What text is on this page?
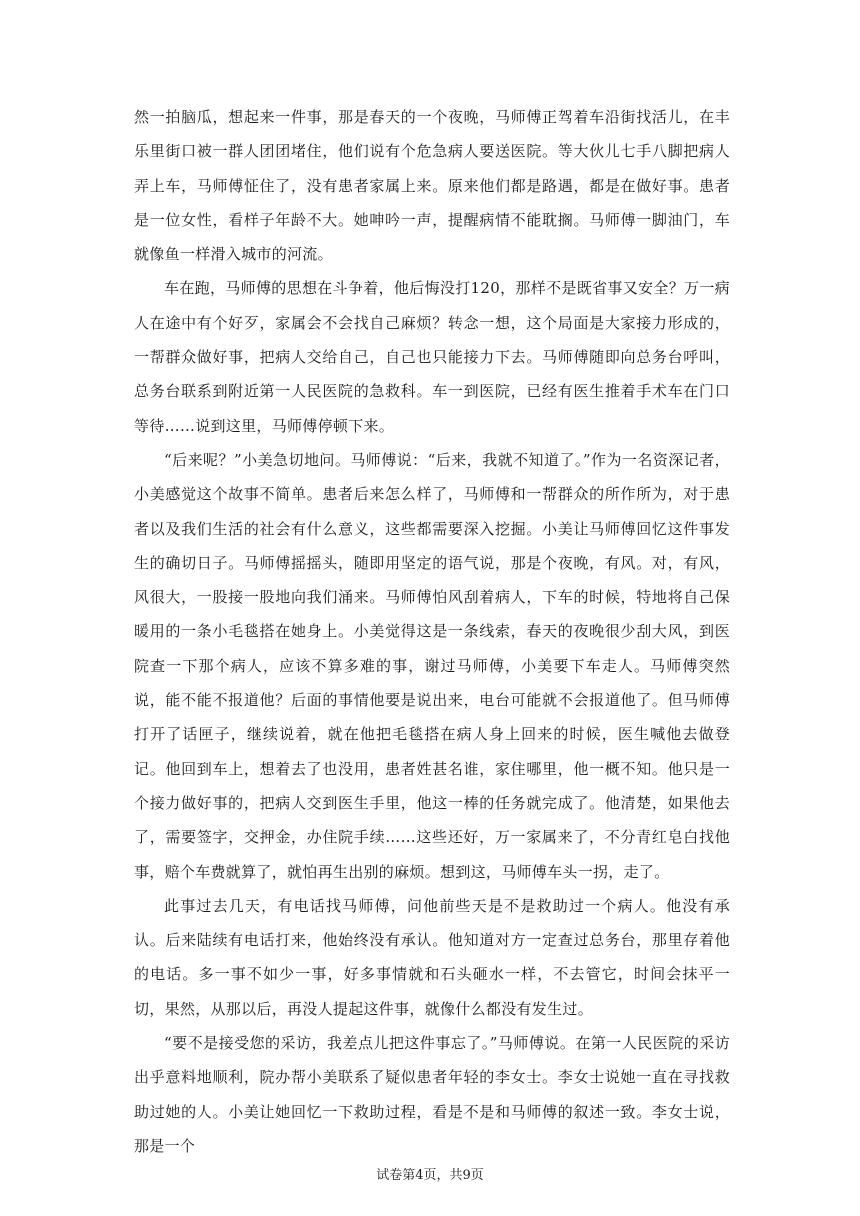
然一拍脑瓜，想起来一件事，那是春天的一个夜晚，马师傅正驾着车沿街找活儿，在丰乐里街口被一群人团团堵住，他们说有个危急病人要送医院。等大伙儿七手八脚把病人弄上车，马师傅怔住了，没有患者家属上来。原来他们都是路遇，都是在做好事。患者是一位女性，看样子年龄不大。她呻吟一声，提醒病情不能耽搁。马师傅一脚油门，车就像鱼一样滑入城市的河流。

车在跑，马师傅的思想在斗争着，他后悔没打120，那样不是既省事又安全？万一病人在途中有个好歹，家属会不会找自己麻烦？转念一想，这个局面是大家接力形成的，一帮群众做好事，把病人交给自己，自己也只能接力下去。马师傅随即向总务台呼叫，总务台联系到附近第一人民医院的急救科。车一到医院，已经有医生推着手术车在门口等待……说到这里，马师傅停顿下来。

“后来呢？”小美急切地问。马师傅说：“后来，我就不知道了。”作为一名资深记者，小美感觉这个故事不简单。患者后来怎么样了，马师傅和一帮群众的所作所为，对于患者以及我们生活的社会有什么意义，这些都需要深入挖掘。小美让马师傅回忆这件事发生的确切日子。马师傅摇摇头，随即用坚定的语气说，那是个夜晚，有风。对，有风，风很大，一股接一股地向我们涌来。马师傅怕风刮着病人，下车的时候，特地将自己保暖用的一条小毛毯搭在她身上。小美觉得这是一条线索，春天的夜晚很少刮大风，到医院查一下那个病人，应该不算多难的事，谢过马师傅，小美要下车走人。马师傅突然说，能不能不报道他？后面的事情他要是说出来，电台可能就不会报道他了。但马师傅打开了话匣子，继续说着，就在他把毛毯搭在病人身上回来的时候，医生喊他去做登记。他回到车上，想着去了也没用，患者姓甚名谁，家住哪里，他一概不知。他只是一个接力做好事的，把病人交到医生手里，他这一棒的任务就完成了。他清楚，如果他去了，需要签字，交押金，办住院手续……这些还好，万一家属来了，不分青红皂白找他事，赔个车费就算了，就怕再生出别的麻烦。想到这，马师傅车头一拐，走了。

此事过去几天，有电话找马师傅，问他前些天是不是救助过一个病人。他没有承认。后来陆续有电话打来，他始终没有承认。他知道对方一定查过总务台，那里存着他的电话。多一事不如少一事，好多事情就和石头砸水一样，不去管它，时间会抹平一切，果然，从那以后，再没人提起这件事，就像什么都没有发生过。

“要不是接受您的采访，我差点儿把这件事忘了。”马师傅说。在第一人民医院的采访出乎意料地顺利，院办帮小美联系了疑似患者年轻的李女士。李女士说她一直在寻找救助过她的人。小美让她回忆一下救助过程，看是不是和马师傅的叙述一致。李女士说，那是一个

试卷第4页，共9页
